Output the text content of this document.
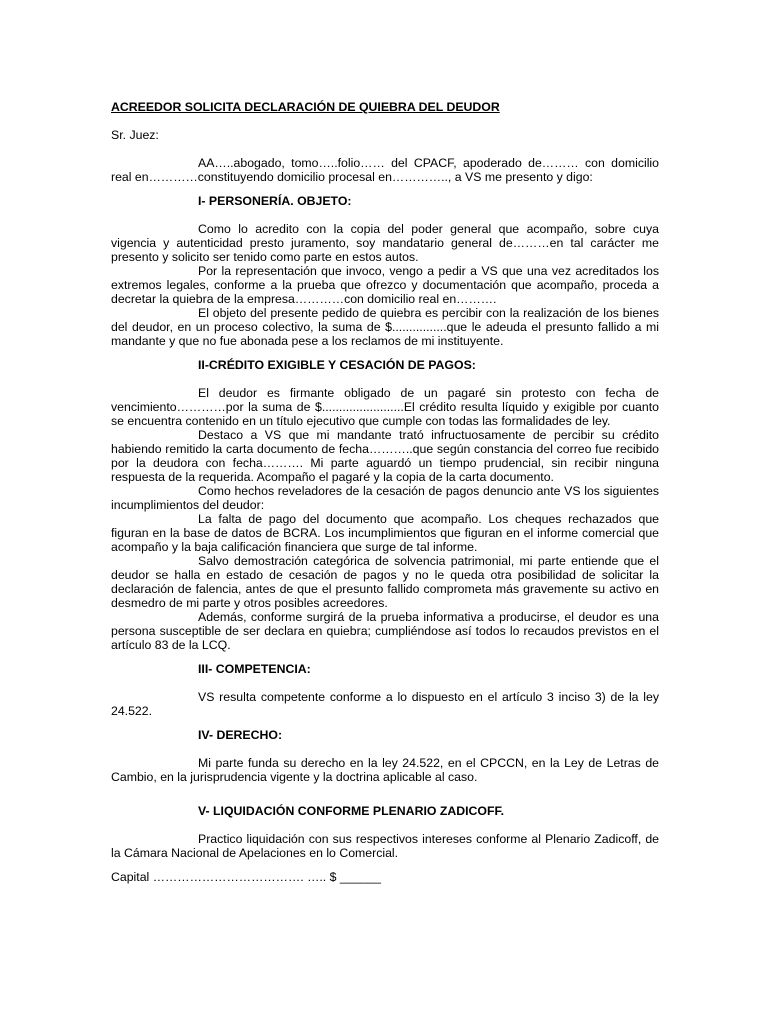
ACREEDOR SOLICITA DECLARACIÓN DE QUIEBRA DEL DEUDOR

Sr. Juez:

AA…..abogado, tomo…..folio…… del CPACF, apoderado de……… con domicilio real en…………constituyendo domicilio procesal en………….., a VS me presento y digo:

I- PERSONERÍA. OBJETO:

Como lo acredito con la copia del poder general que acompaño, sobre cuya vigencia y autenticidad presto juramento, soy mandatario general de………en tal carácter me presento y solicito ser tenido como parte en estos autos.

Por la representación que invoco, vengo a pedir a VS que una vez acreditados los extremos legales, conforme a la prueba que ofrezco y documentación que acompaño, proceda a decretar la quiebra de la empresa…………con domicilio real en……….

El objeto del presente pedido de quiebra es percibir con la realización de los bienes del deudor, en un proceso colectivo, la suma de $................que le adeuda el presunto fallido a mi mandante y que no fue abonada pese a los reclamos de mi instituyente.

II-CRÉDITO EXIGIBLE Y CESACIÓN DE PAGOS:

El deudor es firmante obligado de un pagaré sin protesto con fecha de vencimiento…………por la suma de $........................El crédito resulta líquido y exigible por cuanto se encuentra contenido en un título ejecutivo que cumple con todas las formalidades de ley.

Destaco a VS que mi mandante trató infructuosamente de percibir su crédito habiendo remitido la carta documento de fecha………..que según constancia del correo fue recibido por la deudora con fecha………. Mi parte aguardó un tiempo prudencial, sin recibir ninguna respuesta de la requerida. Acompaño el pagaré y la copia de la carta documento.

Como hechos reveladores de la cesación de pagos denuncio ante VS los siguientes incumplimientos del deudor:

La falta de pago del documento que acompaño. Los cheques rechazados que figuran en la base de datos de BCRA. Los incumplimientos que figuran en el informe comercial que acompaño y la baja calificación financiera que surge de tal informe.

Salvo demostración categórica de solvencia patrimonial, mi parte entiende que el deudor se halla en estado de cesación de pagos y no le queda otra posibilidad de solicitar la declaración de falencia, antes de que el presunto fallido comprometa más gravemente su activo en desmedro de mi parte y otros posibles acreedores.

Además, conforme surgirá de la prueba informativa a producirse, el deudor es una persona susceptible de ser declara en quiebra; cumpliéndose así todos lo recaudos previstos en el artículo 83 de la LCQ.

III- COMPETENCIA:

VS resulta competente conforme a lo dispuesto en el artículo 3 inciso 3) de la ley 24.522.

IV- DERECHO:

Mi parte funda su derecho en la ley 24.522, en el CPCCN, en la Ley de Letras de Cambio, en la jurisprudencia vigente y la doctrina aplicable al caso.

V- LIQUIDACIÓN CONFORME PLENARIO ZADICOFF.

Practico liquidación con sus respectivos intereses conforme al Plenario Zadicoff, de la Cámara Nacional de Apelaciones en lo Comercial.

Capital ………………………………. ….. $ ______
